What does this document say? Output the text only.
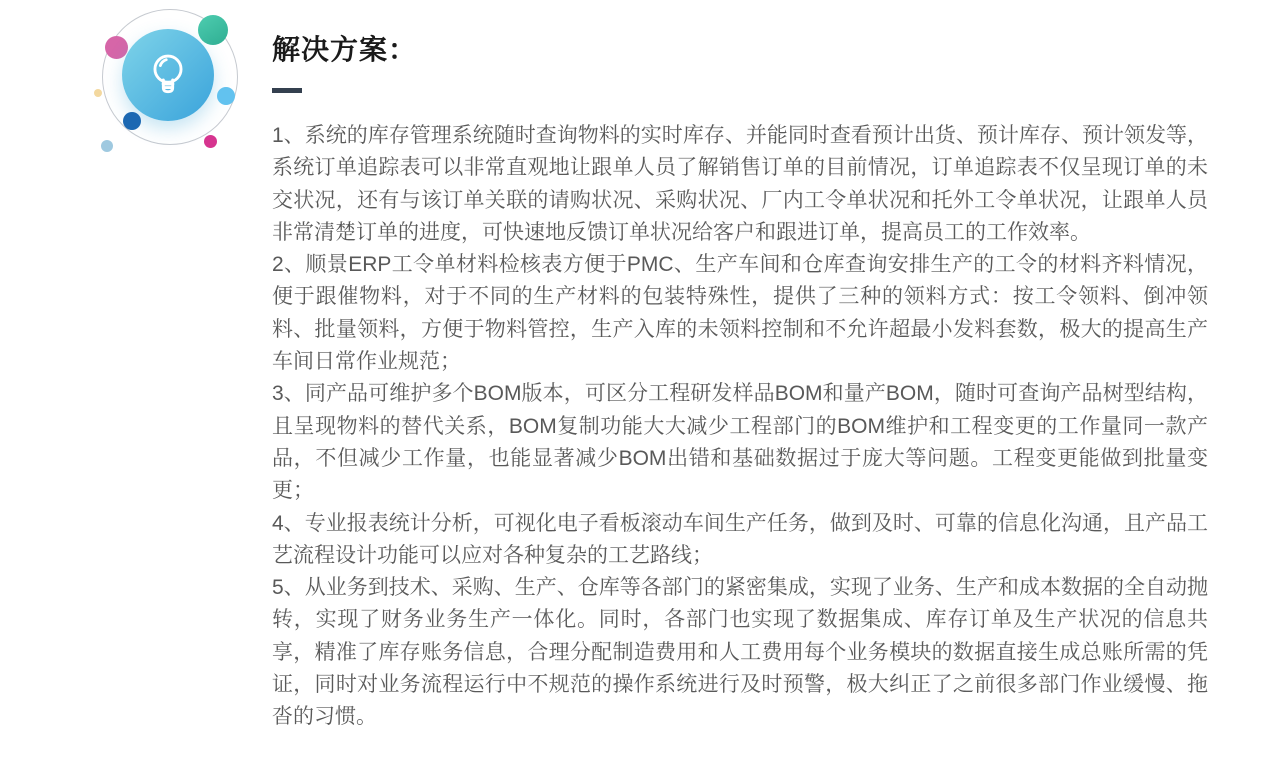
解决方案：

1、系统的库存管理系统随时查询物料的实时库存、并能同时查看预计出货、预计库存、预计领发等，系统订单追踪表可以非常直观地让跟单人员了解销售订单的目前情况，订单追踪表不仅呈现订单的未交状况，还有与该订单关联的请购状况、采购状况、厂内工令单状况和托外工令单状况，让跟单人员非常清楚订单的进度，可快速地反馈订单状况给客户和跟进订单，提高员工的工作效率。

2、顺景ERP工令单材料检核表方便于PMC、生产车间和仓库查询安排生产的工令的材料齐料情况，便于跟催物料，对于不同的生产材料的包装特殊性，提供了三种的领料方式：按工令领料、倒冲领料、批量领料，方便于物料管控，生产入库的未领料控制和不允许超最小发料套数，极大的提高生产车间日常作业规范；

3、同产品可维护多个BOM版本，可区分工程研发样品BOM和量产BOM，随时可查询产品树型结构，且呈现物料的替代关系，BOM复制功能大大减少工程部门的BOM维护和工程变更的工作量同一款产品，不但减少工作量，也能显著减少BOM出错和基础数据过于庞大等问题。工程变更能做到批量变更；

4、专业报表统计分析，可视化电子看板滚动车间生产任务，做到及时、可靠的信息化沟通，且产品工艺流程设计功能可以应对各种复杂的工艺路线；

5、从业务到技术、采购、生产、仓库等各部门的紧密集成，实现了业务、生产和成本数据的全自动抛转，实现了财务业务生产一体化。同时，各部门也实现了数据集成、库存订单及生产状况的信息共享，精准了库存账务信息，合理分配制造费用和人工费用每个业务模块的数据直接生成总账所需的凭证，同时对业务流程运行中不规范的操作系统进行及时预警，极大纠正了之前很多部门作业缓慢、拖沓的习惯。
